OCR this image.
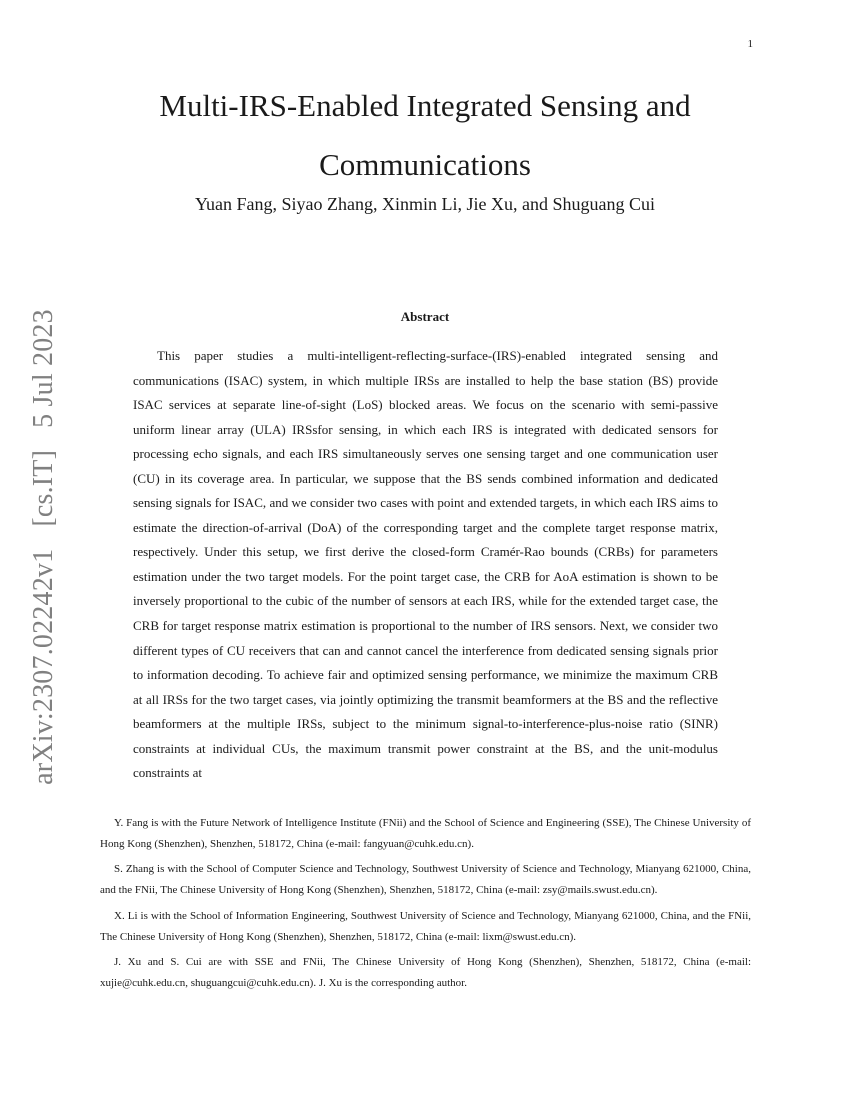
1
arXiv:2307.02242v1[cs.IT]5 Jul 2023
Multi-IRS-Enabled Integrated Sensing and Communications
Yuan Fang, Siyao Zhang, Xinmin Li, Jie Xu, and Shuguang Cui
Abstract

This paper studies a multi-intelligent-reflecting-surface-(IRS)-enabled integrated sensing and communications (ISAC) system, in which multiple IRSs are installed to help the base station (BS) provide ISAC services at separate line-of-sight (LoS) blocked areas. We focus on the scenario with semi-passive uniform linear array (ULA) IRSsfor sensing, in which each IRS is integrated with dedicated sensors for processing echo signals, and each IRS simultaneously serves one sensing target and one communication user (CU) in its coverage area. In particular, we suppose that the BS sends combined information and dedicated sensing signals for ISAC, and we consider two cases with point and extended targets, in which each IRS aims to estimate the direction-of-arrival (DoA) of the corresponding target and the complete target response matrix, respectively. Under this setup, we first derive the closed-form Cramér-Rao bounds (CRBs) for parameters estimation under the two target models. For the point target case, the CRB for AoA estimation is shown to be inversely proportional to the cubic of the number of sensors at each IRS, while for the extended target case, the CRB for target response matrix estimation is proportional to the number of IRS sensors. Next, we consider two different types of CU receivers that can and cannot cancel the interference from dedicated sensing signals prior to information decoding. To achieve fair and optimized sensing performance, we minimize the maximum CRB at all IRSs for the two target cases, via jointly optimizing the transmit beamformers at the BS and the reflective beamformers at the multiple IRSs, subject to the minimum signal-to-interference-plus-noise ratio (SINR) constraints at individual CUs, the maximum transmit power constraint at the BS, and the unit-modulus constraints at

Y. Fang is with the Future Network of Intelligence Institute (FNii) and the School of Science and Engineering (SSE), The Chinese University of Hong Kong (Shenzhen), Shenzhen, 518172, China (e-mail: fangyuan@cuhk.edu.cn).

S. Zhang is with the School of Computer Science and Technology, Southwest University of Science and Technology, Mianyang 621000, China, and the FNii, The Chinese University of Hong Kong (Shenzhen), Shenzhen, 518172, China (e-mail: zsy@mails.swust.edu.cn).

X. Li is with the School of Information Engineering, Southwest University of Science and Technology, Mianyang 621000, China, and the FNii, The Chinese University of Hong Kong (Shenzhen), Shenzhen, 518172, China (e-mail: lixm@swust.edu.cn).

J. Xu and S. Cui are with SSE and FNii, The Chinese University of Hong Kong (Shenzhen), Shenzhen, 518172, China (e-mail: xujie@cuhk.edu.cn, shuguangcui@cuhk.edu.cn). J. Xu is the corresponding author.
